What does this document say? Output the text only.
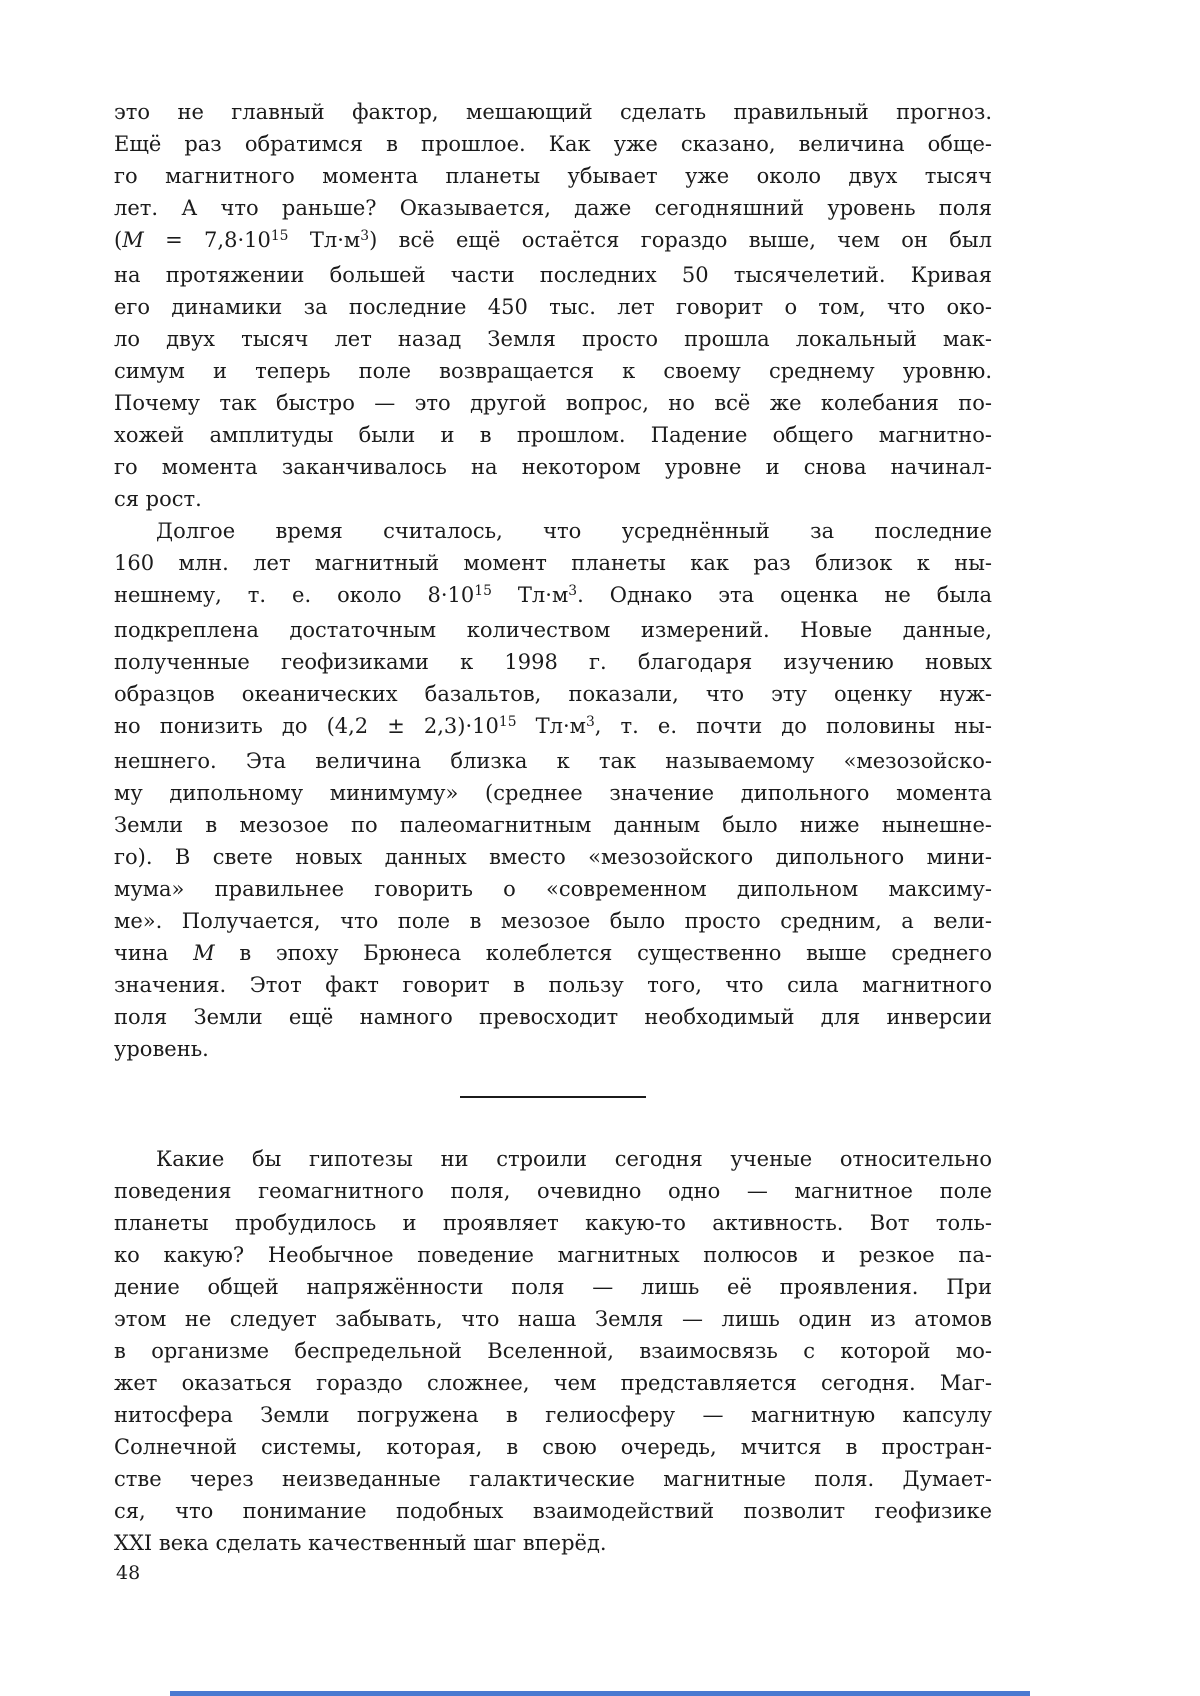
это не главный фактор, мешающий сделать правильный прогноз.
Ещё раз обратимся в прошлое. Как уже сказано, величина обще-
го магнитного момента планеты убывает уже около двух тысяч
лет. А что раньше? Оказывается, даже сегодняшний уровень поля
($M = 7,8\cdot 10^{15}$ $Тл\cdot м^3$) всё ещё остаётся гораздо выше, чем он был
на протяжении большей части последних 50 тысячелетий. Кривая
его динамики за последние 450 тыс. лет говорит о том, что око-
ло двух тысяч лет назад Земля просто прошла локальный мак-
симум и теперь поле возвращается к своему среднему уровню.
Почему так быстро — это другой вопрос, но всё же колебания по-
хожей амплитуды были и в прошлом. Падение общего магнитно-
го момента заканчивалось на некотором уровне и снова начинал-
ся рост.
Долгое время считалось, что усреднённый за последние
160 млн. лет магнитный момент планеты как раз близок к ны-
нешнему, т. е. около $8\cdot 10^{15}$ $Тл\cdot м^3$. Однако эта оценка не была
подкреплена достаточным количеством измерений. Новые данные,
полученные геофизиками к 1998 г. благодаря изучению новых
образцов океанических базальтов, показали, что эту оценку нуж-
но понизить до $(4,2 \pm 2,3)\cdot 10^{15}$ $Тл\cdot м^3$, т. е. почти до половины ны-
нешнего. Эта величина близка к так называемому «мезозойско-
му дипольному минимуму» (среднее значение дипольного момента
Земли в мезозое по палеомагнитным данным было ниже нынешне-
го). В свете новых данных вместо «мезозойского дипольного мини-
мума» правильнее говорить о «современном дипольном максиму-
ме». Получается, что поле в мезозое было просто средним, а вели-
чина M в эпоху Брюнеса колеблется существенно выше среднего
значения. Этот факт говорит в пользу того, что сила магнитного
поля Земли ещё намного превосходит необходимый для инверсии
уровень.
Какие бы гипотезы ни строили сегодня ученые относительно
поведения геомагнитного поля, очевидно одно — магнитное поле
планеты пробудилось и проявляет какую-то активность. Вот толь-
ко какую? Необычное поведение магнитных полюсов и резкое па-
дение общей напряжённости поля — лишь её проявления. При
этом не следует забывать, что наша Земля — лишь один из атомов
в организме беспредельной Вселенной, взаимосвязь с которой мо-
жет оказаться гораздо сложнее, чем представляется сегодня. Маг-
нитосфера Земли погружена в гелиосферу — магнитную капсулу
Солнечной системы, которая, в свою очередь, мчится в простран-
стве через неизведанные галактические магнитные поля. Думает-
ся, что понимание подобных взаимодействий позволит геофизике
XXI века сделать качественный шаг вперёд.
48
